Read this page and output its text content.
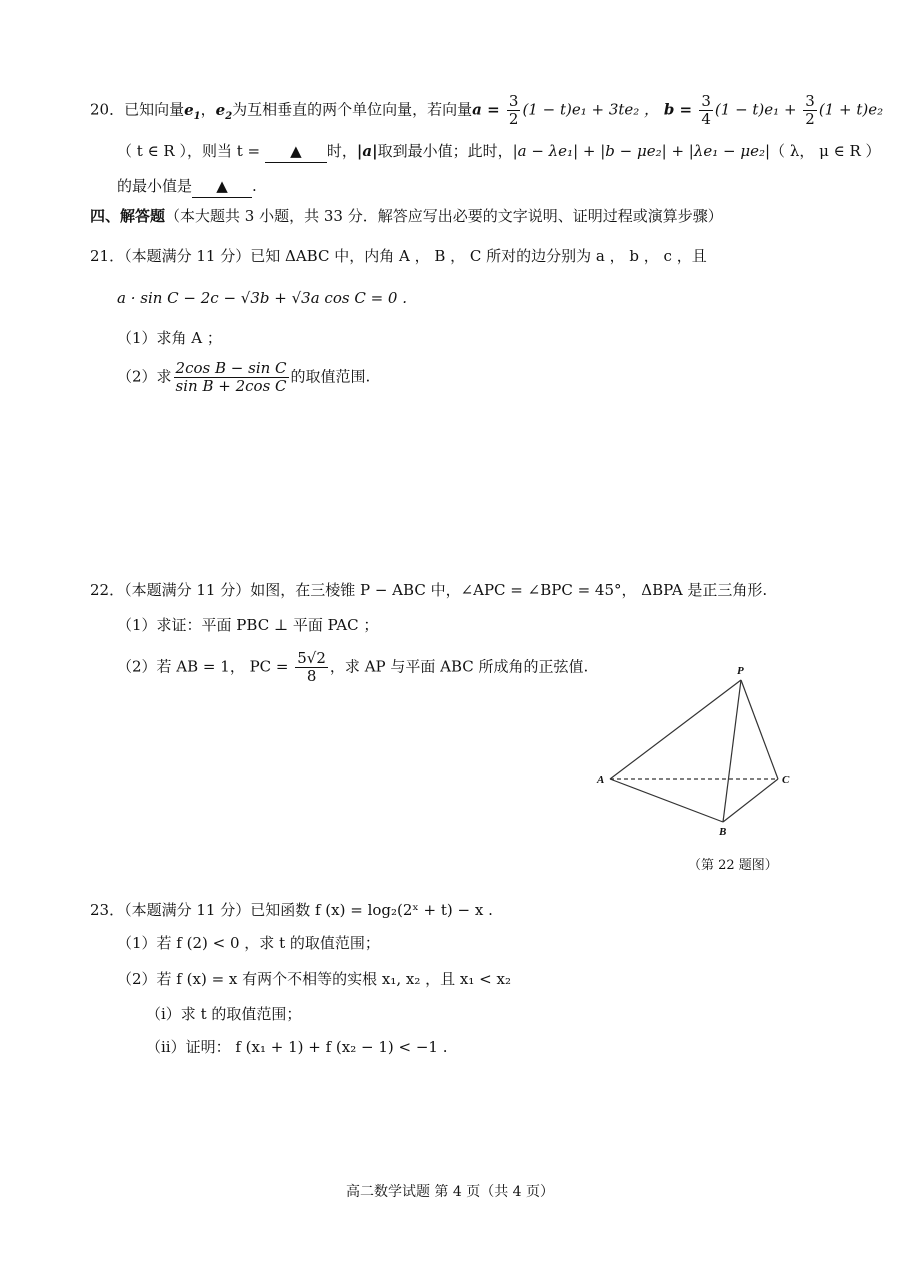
20．已知向量$e_1$，$e_2$为互相垂直的两个单位向量，若向量$a = \frac{3}{2} (1 - t)e_1 + 3te_2$ ， $b = \frac{3}{4} (1 - t)e_1 + \frac{3}{2} (1 + t)e_2$
（ t ∈ R ），则当 t = ▲ 时，|a|取到最小值；此时，|a − λe₁| + |b − μe₂| + |λe₁ − μe₂|（ λ， μ ∈ R ）
的最小值是 ▲ .
四、解答题（本大题共 3 小题，共 33 分．解答应写出必要的文字说明、证明过程或演算步骤）
21．（本题满分 11 分）已知 ΔABC 中，内角 A ， B ， C 所对的边分别为 a ， b ， c ，且
a · sin C − 2c − √3b + √3a cos C = 0 .
（1）求角 A ；
（2）求 $\frac{\text{2cos B − sin C}}{\text{sin B + 2cos C}}$ 的取值范围.
22．（本题满分 11 分）如图，在三棱锥 P − ABC 中，∠APC = ∠BPC = 45°， ΔBPA 是正三角形.
（1）求证：平面 PBC ⊥ 平面 PAC ；
（2）若 AB = 1， PC = $\frac{5√2}{8}$ ，求 AP 与平面 ABC 所成角的正弦值.	P
A
B
C
（第 22 题图）
23．（本题满分 11 分）已知函数 f (x) = log₂(2ˣ + t) − x .
（1）若 f (2) < 0 ，求 t 的取值范围；
（2）若 f (x) = x 有两个不相等的实根 x₁, x₂ ，且 x₁ < x₂
（i）求 t 的取值范围；
（ii）证明： f (x₁ + 1) + f (x₂ − 1) < −1 .
高二数学试题 第 4 页（共 4 页）
